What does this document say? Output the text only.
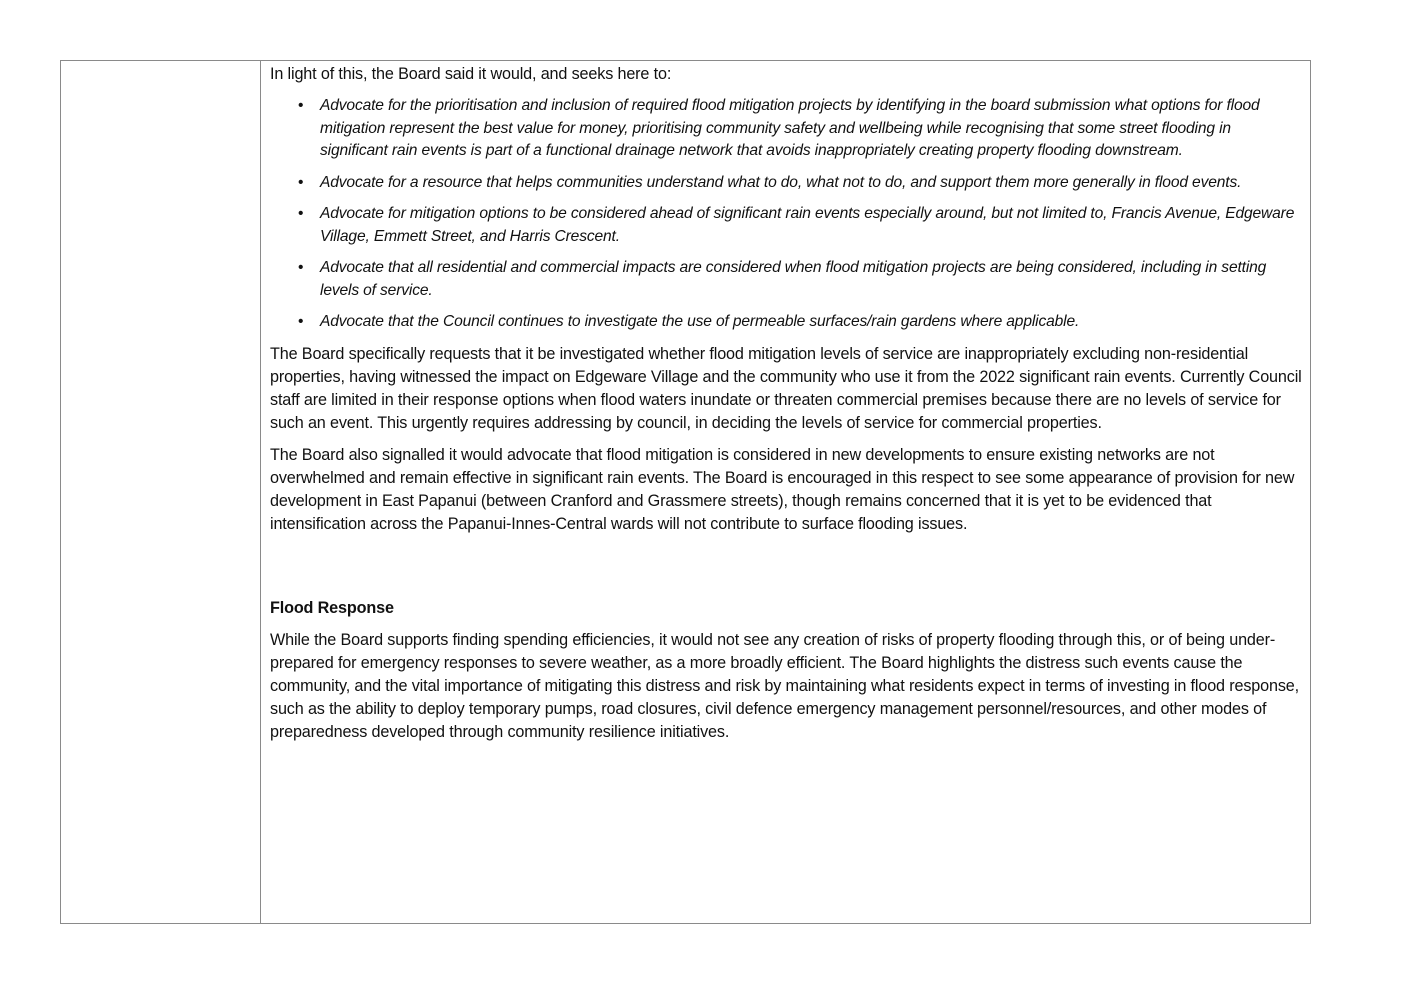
In light of this, the Board said it would, and seeks here to:

• Advocate for the prioritisation and inclusion of required flood mitigation projects by identifying in the board submission what options for flood mitigation represent the best value for money, prioritising community safety and wellbeing while recognising that some street flooding in significant rain events is part of a functional drainage network that avoids inappropriately creating property flooding downstream.
• Advocate for a resource that helps communities understand what to do, what not to do, and support them more generally in flood events.
• Advocate for mitigation options to be considered ahead of significant rain events especially around, but not limited to, Francis Avenue, Edgeware Village, Emmett Street, and Harris Crescent.
• Advocate that all residential and commercial impacts are considered when flood mitigation projects are being considered, including in setting levels of service.
• Advocate that the Council continues to investigate the use of permeable surfaces/rain gardens where applicable.

The Board specifically requests that it be investigated whether flood mitigation levels of service are inappropriately excluding non-residential properties, having witnessed the impact on Edgeware Village and the community who use it from the 2022 significant rain events. Currently Council staff are limited in their response options when flood waters inundate or threaten commercial premises because there are no levels of service for such an event. This urgently requires addressing by council, in deciding the levels of service for commercial properties.

The Board also signalled it would advocate that flood mitigation is considered in new developments to ensure existing networks are not overwhelmed and remain effective in significant rain events. The Board is encouraged in this respect to see some appearance of provision for new development in East Papanui (between Cranford and Grassmere streets), though remains concerned that it is yet to be evidenced that intensification across the Papanui-Innes-Central wards will not contribute to surface flooding issues.

Flood Response

While the Board supports finding spending efficiencies, it would not see any creation of risks of property flooding through this, or of being under-prepared for emergency responses to severe weather, as a more broadly efficient. The Board highlights the distress such events cause the community, and the vital importance of mitigating this distress and risk by maintaining what residents expect in terms of investing in flood response, such as the ability to deploy temporary pumps, road closures, civil defence emergency management personnel/resources, and other modes of preparedness developed through community resilience initiatives.
